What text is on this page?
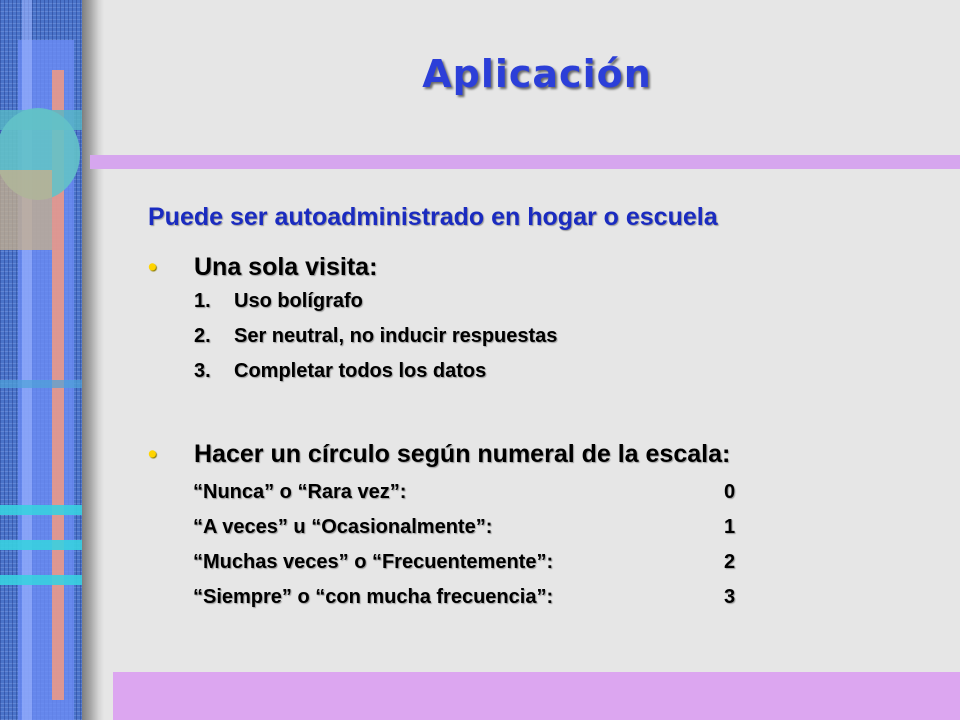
Aplicación
Puede ser autoadministrado en hogar o escuela
• Una sola visita:
1. Uso bolígrafo
2. Ser neutral, no inducir respuestas
3. Completar todos los datos
• Hacer un círculo según numeral de la escala:
“Nunca” o “Rara vez”:	0
“A veces” u “Ocasionalmente”:	1
“Muchas veces” o “Frecuentemente”:	2
“Siempre” o “con mucha frecuencia”:	3
